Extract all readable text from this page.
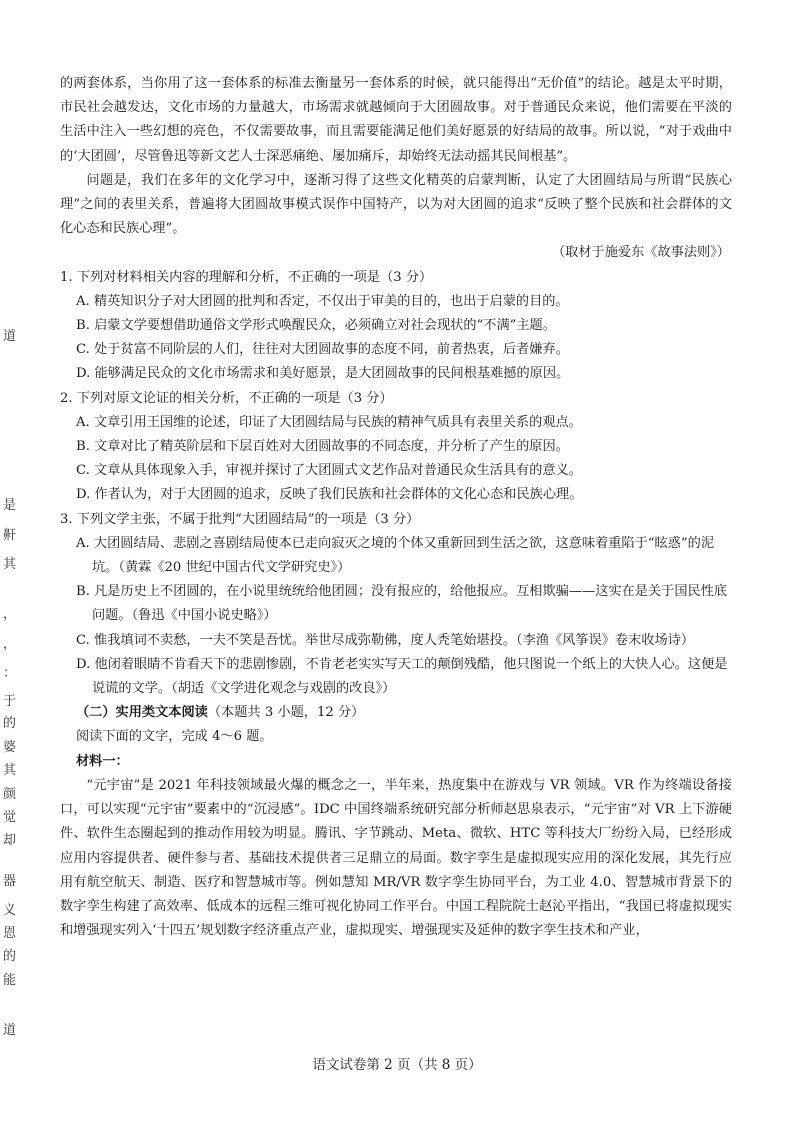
道
是
鼾
其
，
，
：
于
的
婆
其
颜
觉
却
器
义
恩
的
能
道

的两套体系，当你用了这一套体系的标准去衡量另一套体系的时候，就只能得出“无价值”的结论。越是太平时期，市民社会越发达，文化市场的力量越大，市场需求就越倾向于大团圆故事。对于普通民众来说，他们需要在平淡的生活中注入一些幻想的亮色，不仅需要故事，而且需要能满足他们美好愿景的好结局的故事。所以说，“对于戏曲中的‘大团圆’，尽管鲁迅等新文艺人士深恶痛绝、屡加痛斥，却始终无法动摇其民间根基”。

问题是，我们在多年的文化学习中，逐渐习得了这些文化精英的启蒙判断，认定了大团圆结局与所谓“民族心理”之间的表里关系，普遍将大团圆故事模式误作中国特产，以为对大团圆的追求“反映了整个民族和社会群体的文化心态和民族心理”。

（取材于施爱东《故事法则》）

1. 下列对材料相关内容的理解和分析，不正确的一项是（3 分）

A. 精英知识分子对大团圆的批判和否定，不仅出于审美的目的，也出于启蒙的目的。

B. 启蒙文学要想借助通俗文学形式唤醒民众，必须确立对社会现状的“不满”主题。

C. 处于贫富不同阶层的人们，往往对大团圆故事的态度不同，前者热衷，后者嫌弃。

D. 能够满足民众的文化市场需求和美好愿景，是大团圆故事的民间根基难撼的原因。

2. 下列对原文论证的相关分析，不正确的一项是（3 分）

A. 文章引用王国维的论述，印证了大团圆结局与民族的精神气质具有表里关系的观点。

B. 文章对比了精英阶层和下层百姓对大团圆故事的不同态度，并分析了产生的原因。

C. 文章从具体现象入手，审视并探讨了大团圆式文艺作品对普通民众生活具有的意义。

D. 作者认为，对于大团圆的追求，反映了我们民族和社会群体的文化心态和民族心理。

3. 下列文学主张，不属于批判“大团圆结局”的一项是（3 分）

A. 大团圆结局、悲剧之喜剧结局使本已走向寂灭之境的个体又重新回到生活之欲，这意味着重陷于“眩惑”的泥坑。（黄霖《20 世纪中国古代文学研究史》）

B. 凡是历史上不团圆的，在小说里统统给他团圆；没有报应的，给他报应。互相欺骗——这实在是关于国民性底问题。（鲁迅《中国小说史略》）

C. 惟我填词不卖愁，一夫不笑是吾忧。举世尽成弥勒佛，度人秃笔始堪投。（李渔《风筝误》卷末收场诗）

D. 他闭着眼睛不肯看天下的悲剧惨剧，不肯老老实实写天工的颠倒残酷，他只图说一个纸上的大快人心。这便是说谎的文学。（胡适《文学进化观念与戏剧的改良》）

（二）实用类文本阅读（本题共 3 小题，12 分）

阅读下面的文字，完成 4～6 题。

材料一：

“元宇宙”是 2021 年科技领域最火爆的概念之一，半年来，热度集中在游戏与 VR 领域。VR 作为终端设备接口，可以实现“元宇宙”要素中的“沉浸感”。IDC 中国终端系统研究部分析师赵思泉表示，“元宇宙”对 VR 上下游硬件、软件生态圈起到的推动作用较为明显。腾讯、字节跳动、Meta、微软、HTC 等科技大厂纷纷入局，已经形成应用内容提供者、硬件参与者、基础技术提供者三足鼎立的局面。数字孪生是虚拟现实应用的深化发展，其先行应用有航空航天、制造、医疗和智慧城市等。例如慧知 MR/VR 数字孪生协同平台，为工业 4.0、智慧城市背景下的数字孪生构建了高效率、低成本的远程三维可视化协同工作平台。中国工程院院士赵沁平指出，“我国已将虚拟现实和增强现实列入‘十四五’规划数字经济重点产业，虚拟现实、增强现实及延伸的数字孪生技术和产业，

语文试卷第 2 页（共 8 页）
